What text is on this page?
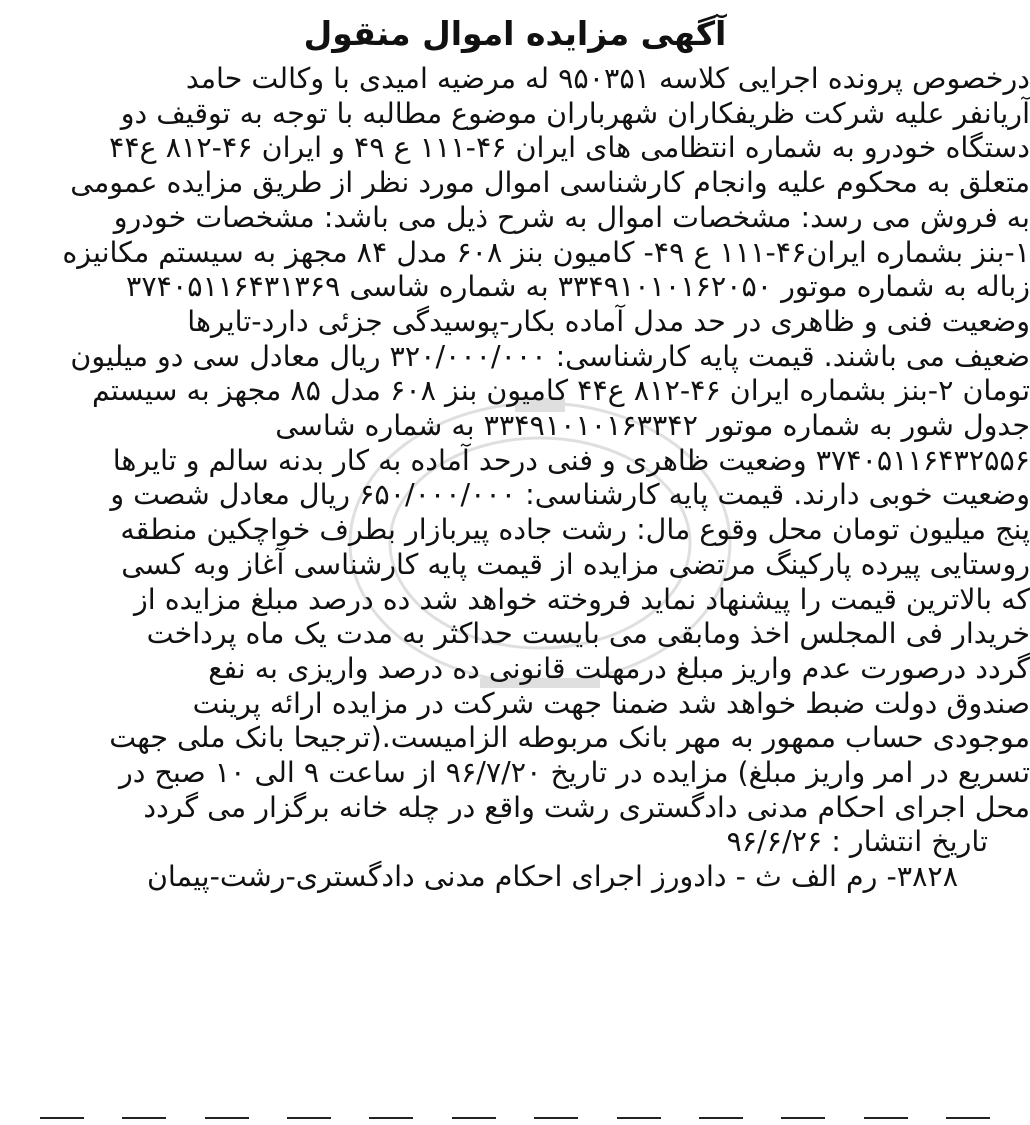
آگهی مزایده اموال منقول
درخصوص پرونده اجرایی کلاسه ۹۵۰۳۵۱ له مرضیه امیدی با وکالت حامد
آریانفر علیه شرکت ظریفکاران شهرباران موضوع مطالبه با توجه به توقیف دو
دستگاه خودرو به شماره انتظامی های ایران ۴۶-۱۱۱ ع ۴۹ و ایران ۴۶-۸۱۲ ع۴۴
متعلق به محکوم علیه وانجام کارشناسی اموال مورد نظر از طریق مزایده عمومی
به فروش می رسد: مشخصات اموال به شرح ذیل می باشد: مشخصات خودرو
۱-بنز بشماره ایران۴۶-۱۱۱ ع ۴۹- کامیون بنز ۶۰۸ مدل ۸۴ مجهز به سیستم مکانیزه
زباله به شماره موتور ۳۳۴۹۱۰۱۰۱۶۲۰۵۰ به شماره شاسی ۳۷۴۰۵۱۱۶۴۳۱۳۶۹
وضعیت فنی و ظاهری در حد مدل آماده بکار-پوسیدگی جزئی دارد-تایرها
ضعیف می باشند. قیمت پایه کارشناسی: ۳۲۰/۰۰۰/۰۰۰ ریال معادل سی دو میلیون
تومان ۲-بنز بشماره ایران ۴۶-۸۱۲ ع۴۴ کامیون بنز ۶۰۸ مدل ۸۵ مجهز به سیستم
جدول شور به شماره موتور ۳۳۴۹۱۰۱۰۱۶۳۳۴۲ به شماره شاسی
۳۷۴۰۵۱۱۶۴۳۲۵۵۶ وضعیت ظاهری و فنی درحد آماده به کار بدنه سالم و تایرها
وضعیت خوبی دارند. قیمت پایه کارشناسی: ۶۵۰/۰۰۰/۰۰۰ ریال معادل شصت و
پنج میلیون تومان محل وقوع مال: رشت جاده پیربازار بطرف خواچکین منطقه
روستایی پیرده پارکینگ مرتضی مزایده از قیمت پایه کارشناسی آغاز وبه کسی
که بالاترین قیمت را پیشنهاد نماید فروخته خواهد شد ده درصد مبلغ مزایده از
خریدار فی المجلس اخذ ومابقی می بایست حداکثر به مدت یک ماه پرداخت
گردد درصورت عدم واریز مبلغ درمهلت قانونی ده درصد واریزی به نفع
صندوق دولت ضبط خواهد شد ضمنا جهت شرکت در مزایده ارائه پرینت
موجودی حساب ممهور به مهر بانک مربوطه الزامیست.(ترجیحا بانک ملی جهت
تسریع در امر واریز مبلغ) مزایده در تاریخ ۹۶/۷/۲۰ از ساعت ۹ الی ۱۰ صبح در
محل اجرای احکام مدنی دادگستری رشت واقع در چله خانه برگزار می گردد
تاریخ انتشار : ۹۶/۶/۲۶
۳۸۲۸- رم الف ث - دادورز اجرای احکام مدنی دادگستری-رشت-پیمان
